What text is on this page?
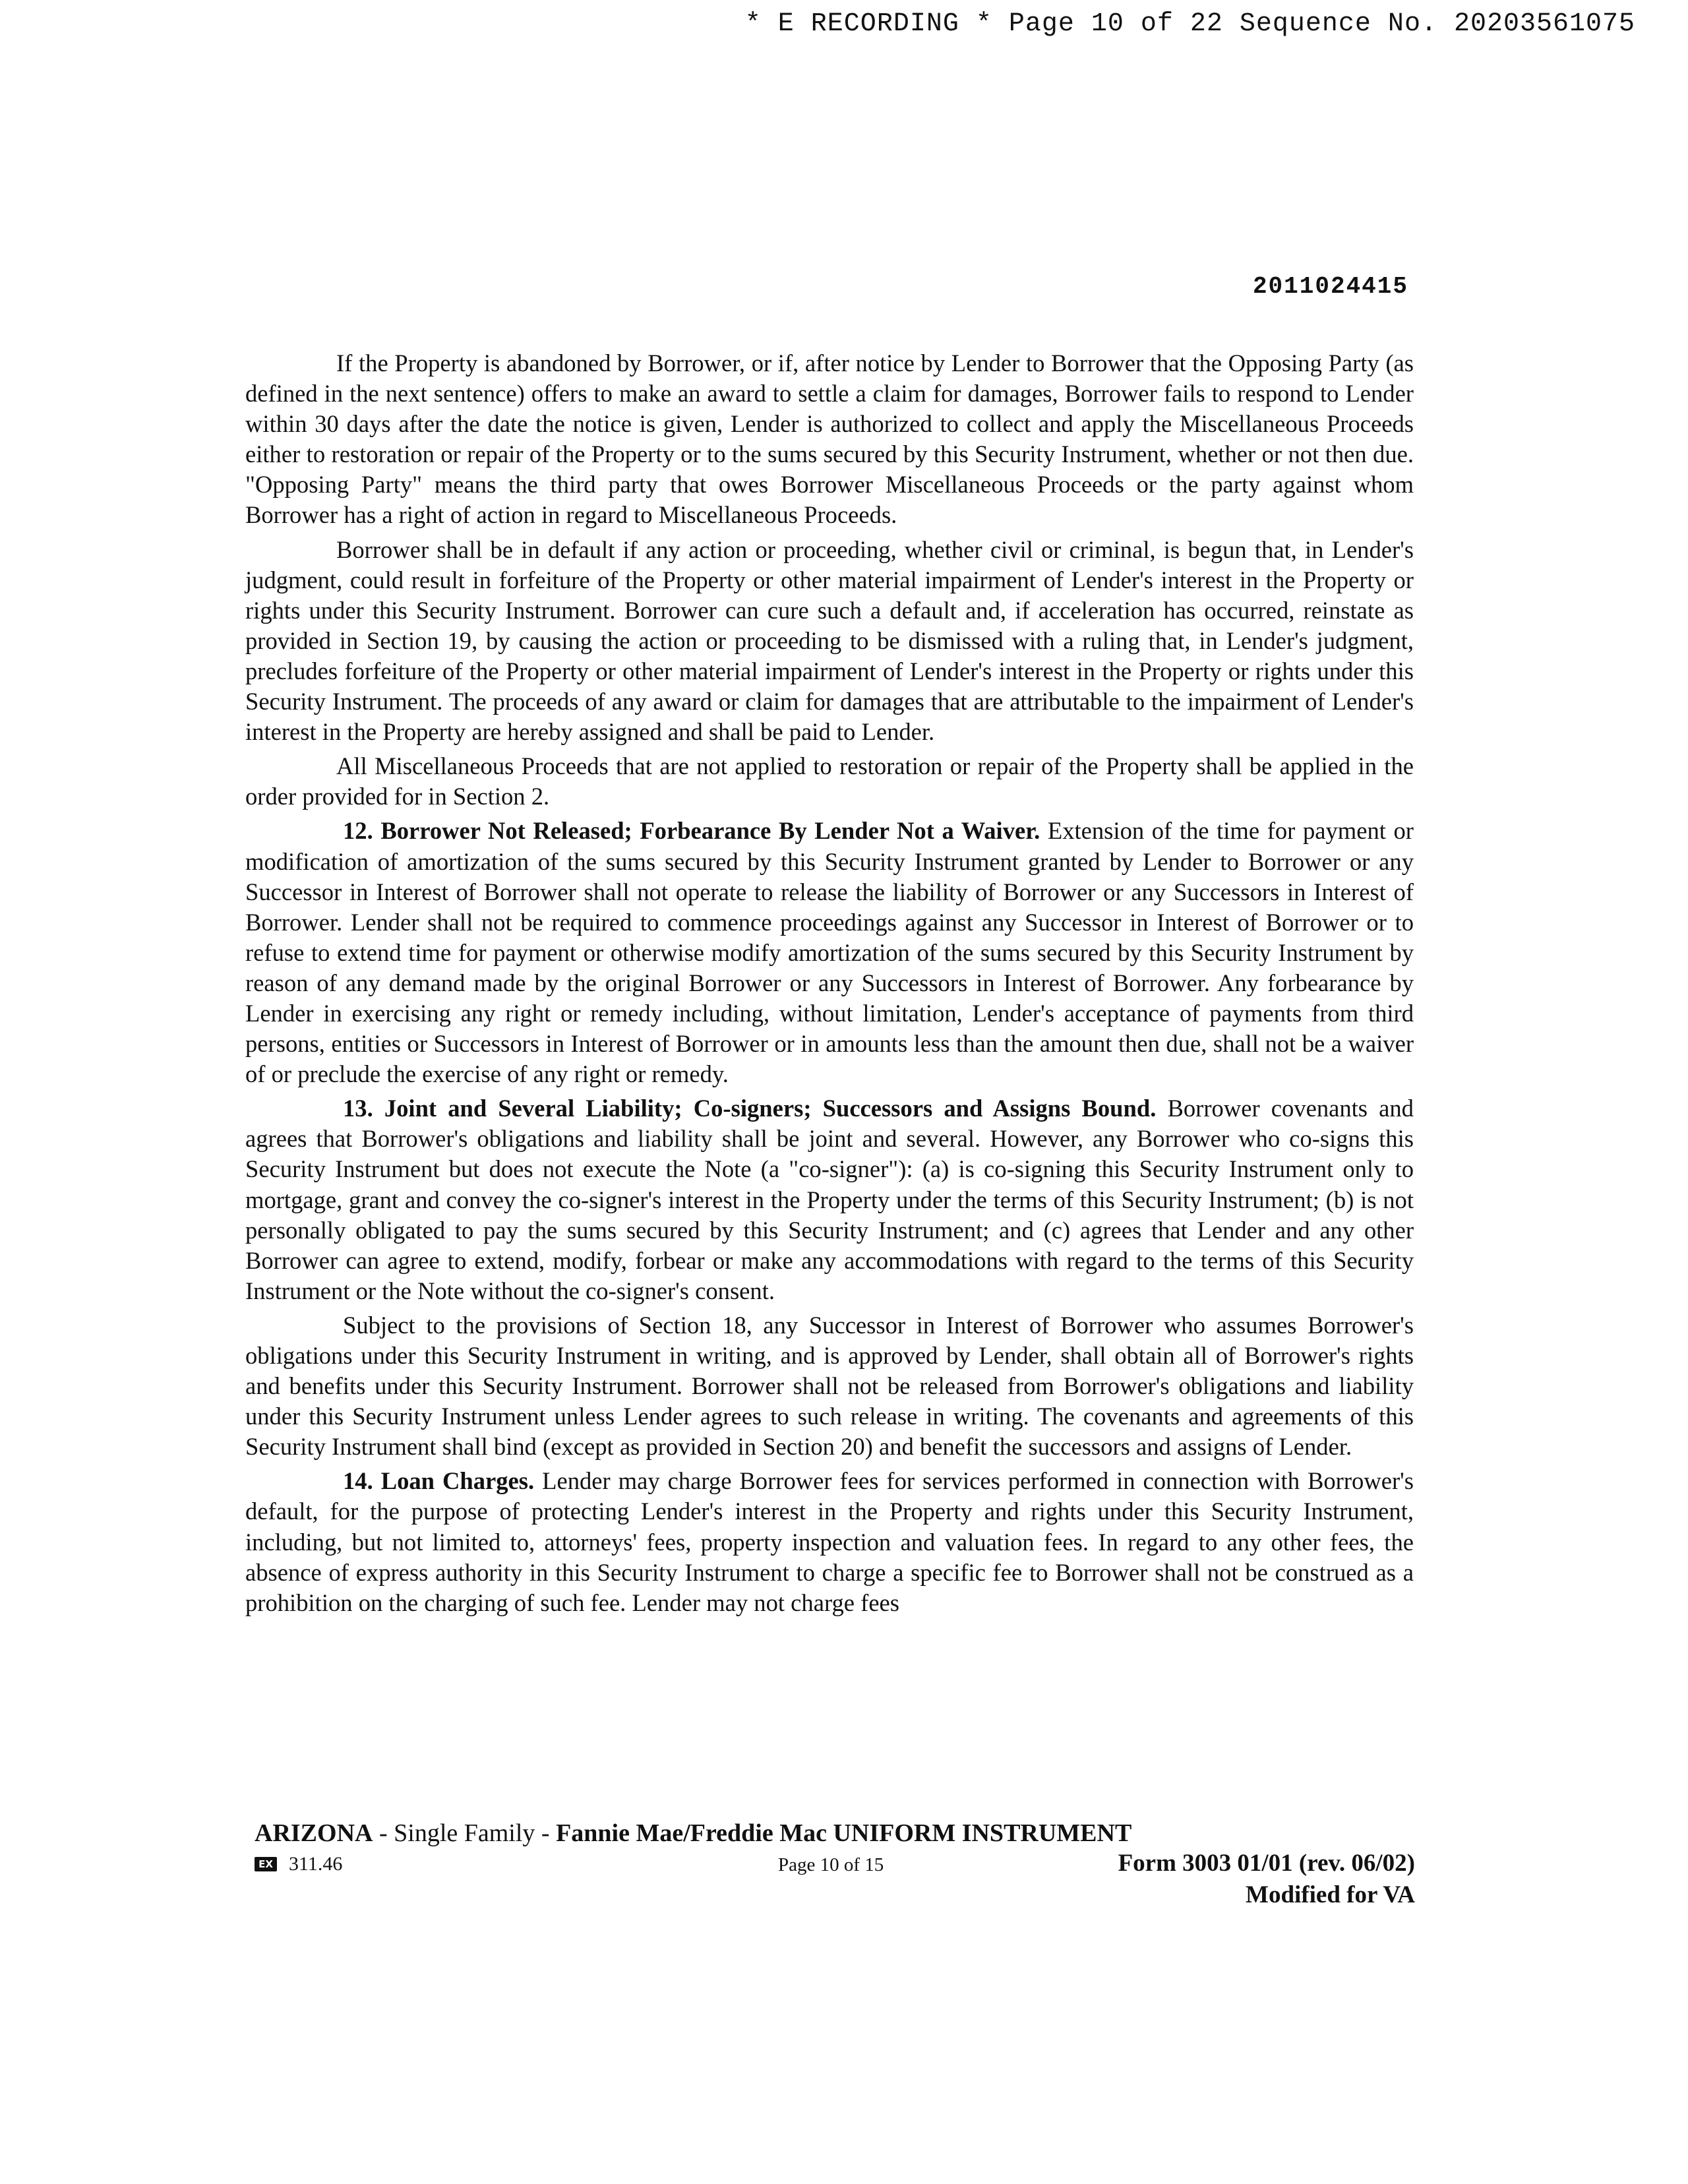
* E RECORDING * Page 10 of 22 Sequence No. 20203561075
2011024415

If the Property is abandoned by Borrower, or if, after notice by Lender to Borrower that the Opposing Party (as defined in the next sentence) offers to make an award to settle a claim for damages, Borrower fails to respond to Lender within 30 days after the date the notice is given, Lender is authorized to collect and apply the Miscellaneous Proceeds either to restoration or repair of the Property or to the sums secured by this Security Instrument, whether or not then due. "Opposing Party" means the third party that owes Borrower Miscellaneous Proceeds or the party against whom Borrower has a right of action in regard to Miscellaneous Proceeds.

Borrower shall be in default if any action or proceeding, whether civil or criminal, is begun that, in Lender's judgment, could result in forfeiture of the Property or other material impairment of Lender's interest in the Property or rights under this Security Instrument. Borrower can cure such a default and, if acceleration has occurred, reinstate as provided in Section 19, by causing the action or proceeding to be dismissed with a ruling that, in Lender's judgment, precludes forfeiture of the Property or other material impairment of Lender's interest in the Property or rights under this Security Instrument. The proceeds of any award or claim for damages that are attributable to the impairment of Lender's interest in the Property are hereby assigned and shall be paid to Lender.

All Miscellaneous Proceeds that are not applied to restoration or repair of the Property shall be applied in the order provided for in Section 2.

12. Borrower Not Released; Forbearance By Lender Not a Waiver. Extension of the time for payment or modification of amortization of the sums secured by this Security Instrument granted by Lender to Borrower or any Successor in Interest of Borrower shall not operate to release the liability of Borrower or any Successors in Interest of Borrower. Lender shall not be required to commence proceedings against any Successor in Interest of Borrower or to refuse to extend time for payment or otherwise modify amortization of the sums secured by this Security Instrument by reason of any demand made by the original Borrower or any Successors in Interest of Borrower. Any forbearance by Lender in exercising any right or remedy including, without limitation, Lender's acceptance of payments from third persons, entities or Successors in Interest of Borrower or in amounts less than the amount then due, shall not be a waiver of or preclude the exercise of any right or remedy.

13. Joint and Several Liability; Co-signers; Successors and Assigns Bound. Borrower covenants and agrees that Borrower's obligations and liability shall be joint and several. However, any Borrower who co-signs this Security Instrument but does not execute the Note (a "co-signer"): (a) is co-signing this Security Instrument only to mortgage, grant and convey the co-signer's interest in the Property under the terms of this Security Instrument; (b) is not personally obligated to pay the sums secured by this Security Instrument; and (c) agrees that Lender and any other Borrower can agree to extend, modify, forbear or make any accommodations with regard to the terms of this Security Instrument or the Note without the co-signer's consent.

Subject to the provisions of Section 18, any Successor in Interest of Borrower who assumes Borrower's obligations under this Security Instrument in writing, and is approved by Lender, shall obtain all of Borrower's rights and benefits under this Security Instrument. Borrower shall not be released from Borrower's obligations and liability under this Security Instrument unless Lender agrees to such release in writing. The covenants and agreements of this Security Instrument shall bind (except as provided in Section 20) and benefit the successors and assigns of Lender.

14. Loan Charges. Lender may charge Borrower fees for services performed in connection with Borrower's default, for the purpose of protecting Lender's interest in the Property and rights under this Security Instrument, including, but not limited to, attorneys' fees, property inspection and valuation fees. In regard to any other fees, the absence of express authority in this Security Instrument to charge a specific fee to Borrower shall not be construed as a prohibition on the charging of such fee. Lender may not charge fees

ARIZONA - Single Family - Fannie Mae/Freddie Mac UNIFORM INSTRUMENT
EX 311.46	Page 10 of 15	Form 3003 01/01 (rev. 06/02)
Modified for VA
